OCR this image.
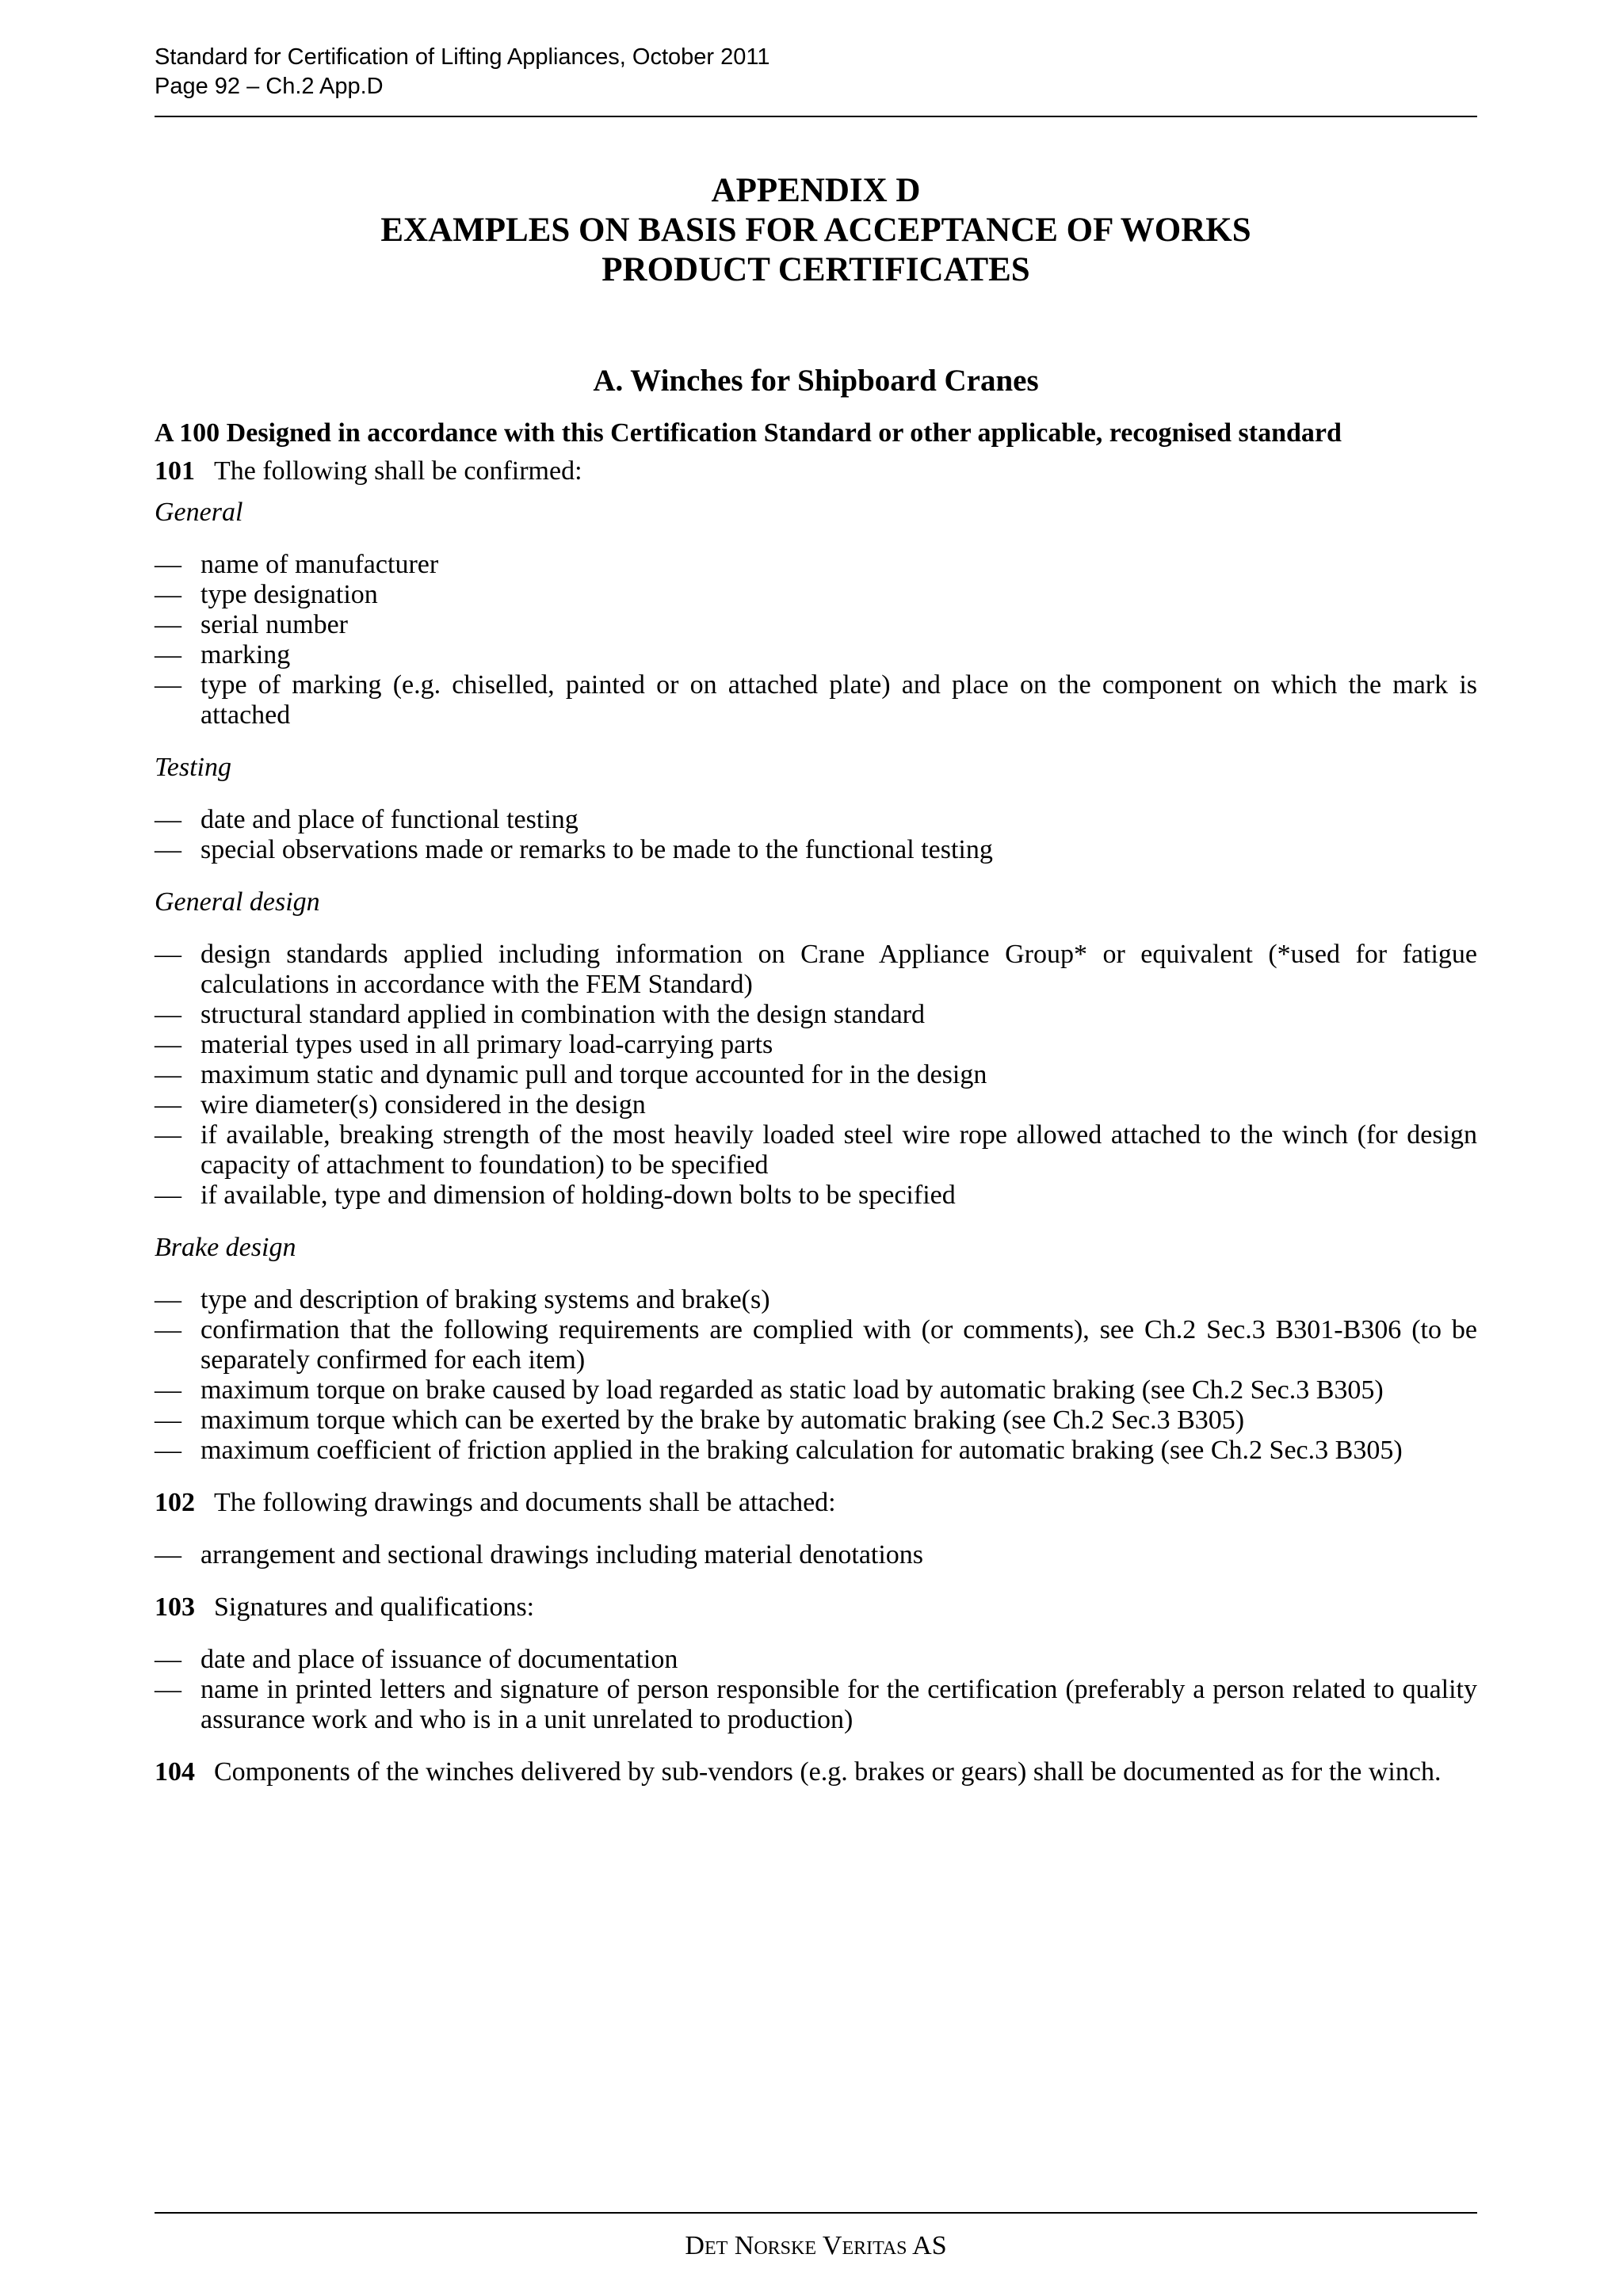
Standard for Certification of Lifting Appliances, October 2011
Page 92 – Ch.2 App.D
APPENDIX D
EXAMPLES ON BASIS FOR ACCEPTANCE OF WORKS
PRODUCT CERTIFICATES
A. Winches for Shipboard Cranes
A 100 Designed in accordance with this Certification Standard or other applicable, recognised standard
101 The following shall be confirmed:
General
— name of manufacturer
— type designation
— serial number
— marking
— type of marking (e.g. chiselled, painted or on attached plate) and place on the component on which the mark is attached
Testing
— date and place of functional testing
— special observations made or remarks to be made to the functional testing
General design
— design standards applied including information on Crane Appliance Group* or equivalent (*used for fatigue calculations in accordance with the FEM Standard)
— structural standard applied in combination with the design standard
— material types used in all primary load-carrying parts
— maximum static and dynamic pull and torque accounted for in the design
— wire diameter(s) considered in the design
— if available, breaking strength of the most heavily loaded steel wire rope allowed attached to the winch (for design capacity of attachment to foundation) to be specified
— if available, type and dimension of holding-down bolts to be specified
Brake design
— type and description of braking systems and brake(s)
— confirmation that the following requirements are complied with (or comments), see Ch.2 Sec.3 B301-B306 (to be separately confirmed for each item)
— maximum torque on brake caused by load regarded as static load by automatic braking (see Ch.2 Sec.3 B305)
— maximum torque which can be exerted by the brake by automatic braking (see Ch.2 Sec.3 B305)
— maximum coefficient of friction applied in the braking calculation for automatic braking (see Ch.2 Sec.3 B305)
102 The following drawings and documents shall be attached:
— arrangement and sectional drawings including material denotations
103 Signatures and qualifications:
— date and place of issuance of documentation
— name in printed letters and signature of person responsible for the certification (preferably a person related to quality assurance work and who is in a unit unrelated to production)
104 Components of the winches delivered by sub-vendors (e.g. brakes or gears) shall be documented as for the winch.
Det Norske Veritas AS
